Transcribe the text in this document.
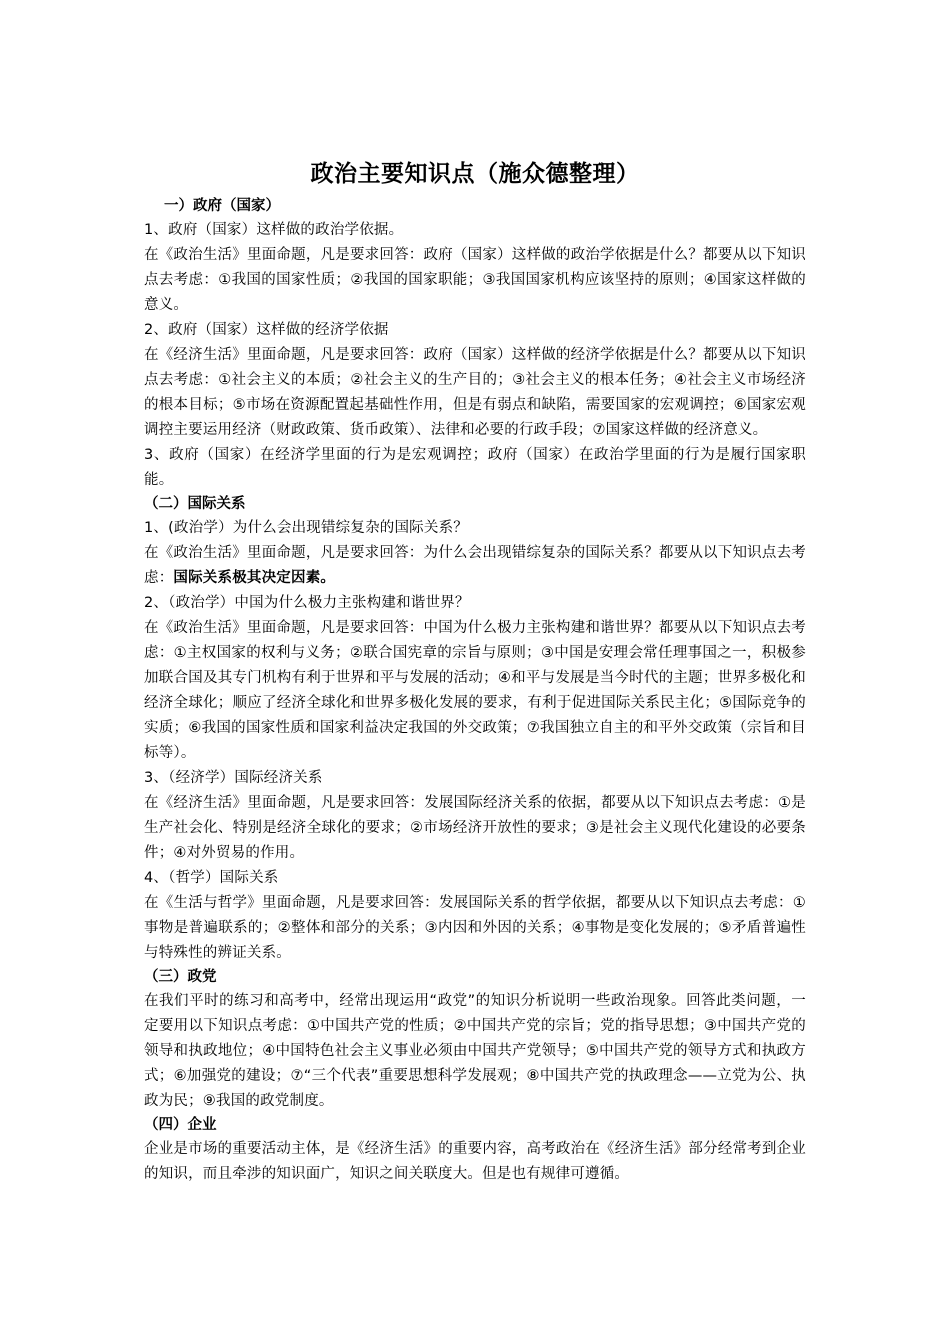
政治主要知识点（施众德整理）
一）政府（国家）

1、政府（国家）这样做的政治学依据。

在《政治生活》里面命题，凡是要求回答：政府（国家）这样做的政治学依据是什么？都要从以下知识点去考虑：①我国的国家性质；②我国的国家职能；③我国国家机构应该坚持的原则；④国家这样做的意义。

2、政府（国家）这样做的经济学依据

在《经济生活》里面命题，凡是要求回答：政府（国家）这样做的经济学依据是什么？都要从以下知识点去考虑：①社会主义的本质；②社会主义的生产目的；③社会主义的根本任务；④社会主义市场经济的根本目标；⑤市场在资源配置起基础性作用，但是有弱点和缺陷，需要国家的宏观调控；⑥国家宏观调控主要运用经济（财政政策、货币政策）、法律和必要的行政手段；⑦国家这样做的经济意义。

3、政府（国家）在经济学里面的行为是宏观调控；政府（国家）在政治学里面的行为是履行国家职能。

（二）国际关系

1、(政治学）为什么会出现错综复杂的国际关系？

在《政治生活》里面命题，凡是要求回答：为什么会出现错综复杂的国际关系？都要从以下知识点去考虑：国际关系极其决定因素。

2、（政治学）中国为什么极力主张构建和谐世界？

在《政治生活》里面命题，凡是要求回答：中国为什么极力主张构建和谐世界？都要从以下知识点去考虑：①主权国家的权利与义务；②联合国宪章的宗旨与原则；③中国是安理会常任理事国之一，积极参加联合国及其专门机构有利于世界和平与发展的活动；④和平与发展是当今时代的主题；世界多极化和经济全球化；顺应了经济全球化和世界多极化发展的要求，有利于促进国际关系民主化；⑤国际竞争的实质；⑥我国的国家性质和国家利益决定我国的外交政策；⑦我国独立自主的和平外交政策（宗旨和目标等）。

3、（经济学）国际经济关系

在《经济生活》里面命题，凡是要求回答：发展国际经济关系的依据，都要从以下知识点去考虑：①是生产社会化、特别是经济全球化的要求；②市场经济开放性的要求；③是社会主义现代化建设的必要条件；④对外贸易的作用。

4、（哲学）国际关系

在《生活与哲学》里面命题，凡是要求回答：发展国际关系的哲学依据，都要从以下知识点去考虑：①事物是普遍联系的；②整体和部分的关系；③内因和外因的关系；④事物是变化发展的；⑤矛盾普遍性与特殊性的辨证关系。

（三）政党

在我们平时的练习和高考中，经常出现运用“政党”的知识分析说明一些政治现象。回答此类问题，一定要用以下知识点考虑：①中国共产党的性质；②中国共产党的宗旨；党的指导思想；③中国共产党的领导和执政地位；④中国特色社会主义事业必须由中国共产党领导；⑤中国共产党的领导方式和执政方式；⑥加强党的建设；⑦“三个代表”重要思想科学发展观；⑧中国共产党的执政理念——立党为公、执政为民；⑨我国的政党制度。

（四）企业

企业是市场的重要活动主体，是《经济生活》的重要内容，高考政治在《经济生活》部分经常考到企业的知识，而且牵涉的知识面广，知识之间关联度大。但是也有规律可遵循。
